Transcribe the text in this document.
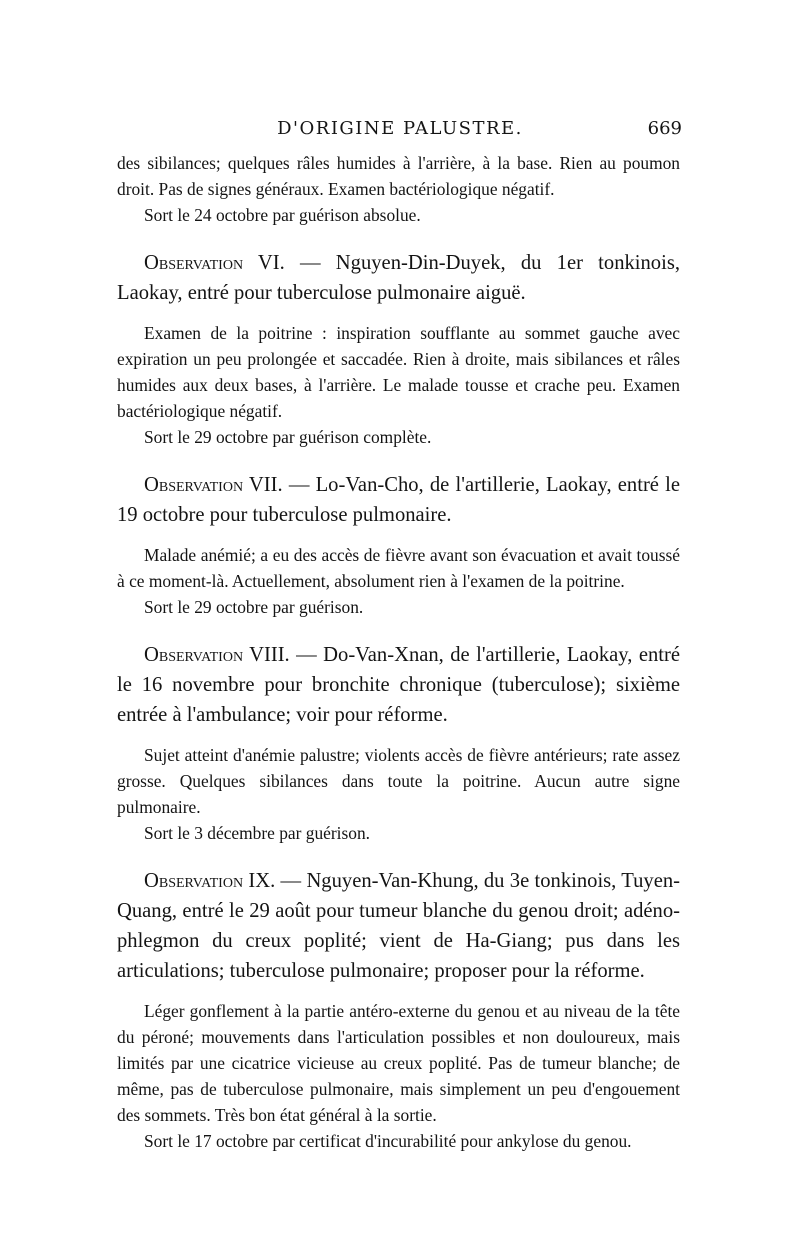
D'ORIGINE PALUSTRE.	669

des sibilances; quelques râles humides à l'arrière, à la base. Rien au poumon droit. Pas de signes généraux. Examen bactériologique négatif.

Sort le 24 octobre par guérison absolue.

Observation VI. — Nguyen-Din-Duyek, du 1er tonkinois, Laokay, entré pour tuberculose pulmonaire aiguë.

Examen de la poitrine : inspiration soufflante au sommet gauche avec expiration un peu prolongée et saccadée. Rien à droite, mais sibilances et râles humides aux deux bases, à l'arrière. Le malade tousse et crache peu. Examen bactériologique négatif.

Sort le 29 octobre par guérison complète.

Observation VII. — Lo-Van-Cho, de l'artillerie, Laokay, entré le 19 octobre pour tuberculose pulmonaire.

Malade anémié; a eu des accès de fièvre avant son évacuation et avait toussé à ce moment-là. Actuellement, absolument rien à l'examen de la poitrine.

Sort le 29 octobre par guérison.

Observation VIII. — Do-Van-Xnan, de l'artillerie, Laokay, entré le 16 novembre pour bronchite chronique (tuberculose); sixième entrée à l'ambulance; voir pour réforme.

Sujet atteint d'anémie palustre; violents accès de fièvre antérieurs; rate assez grosse. Quelques sibilances dans toute la poitrine. Aucun autre signe pulmonaire.

Sort le 3 décembre par guérison.

Observation IX. — Nguyen-Van-Khung, du 3e tonkinois, Tuyen-Quang, entré le 29 août pour tumeur blanche du genou droit; adéno-phlegmon du creux poplité; vient de Ha-Giang; pus dans les articulations; tuberculose pulmonaire; proposer pour la réforme.

Léger gonflement à la partie antéro-externe du genou et au niveau de la tête du péroné; mouvements dans l'articulation possibles et non douloureux, mais limités par une cicatrice vicieuse au creux poplité. Pas de tumeur blanche; de même, pas de tuberculose pulmonaire, mais simplement un peu d'engouement des sommets. Très bon état général à la sortie.

Sort le 17 octobre par certificat d'incurabilité pour ankylose du genou.
